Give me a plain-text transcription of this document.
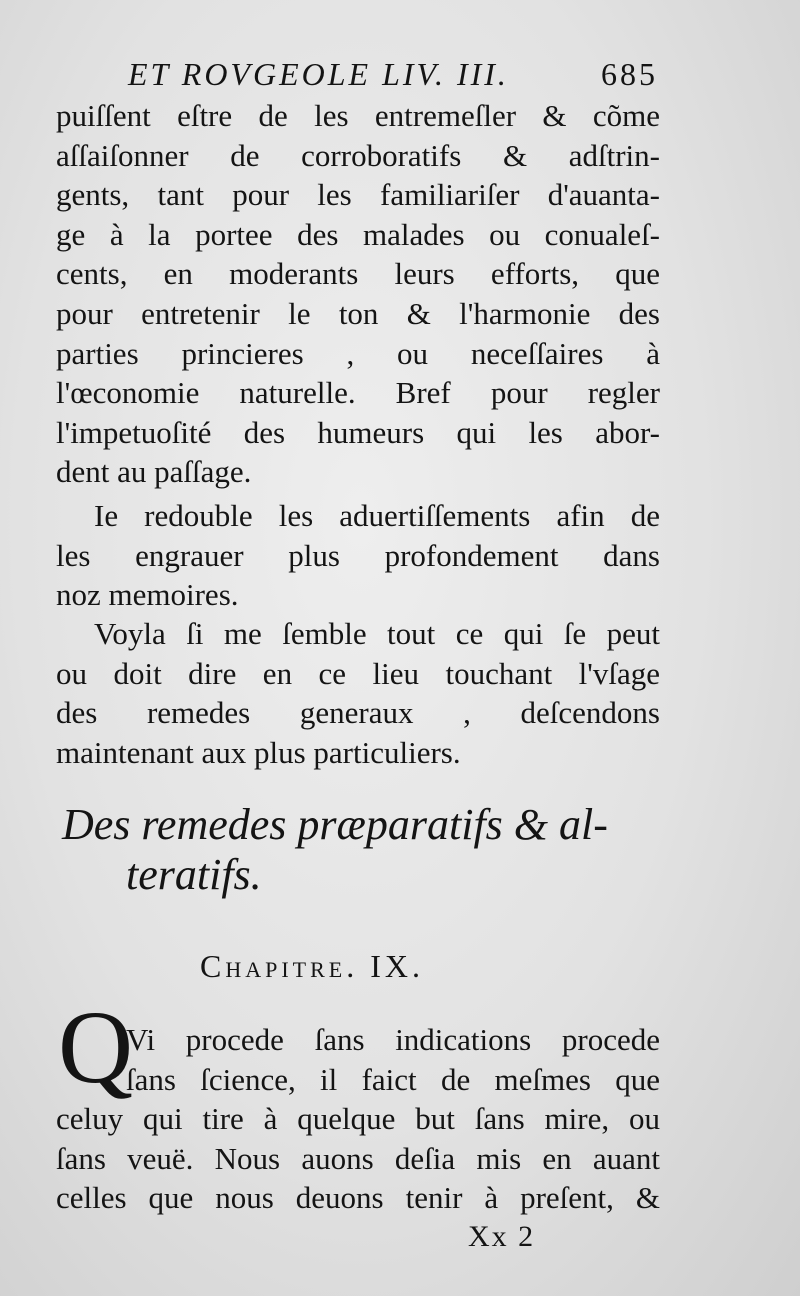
ET ROVGEOLE LIV. III.	685
puiſſent eſtre de les entremeſler & cõme
aſſaiſonner de corroboratifs & adſtrin-
gents, tant pour les familiariſer d'auanta-
ge à la portee des malades ou conualeſ-
cents, en moderants leurs efforts, que
pour entretenir le ton & l'harmonie des
parties princieres , ou neceſſaires à
l'œconomie naturelle. Bref pour regler
l'impetuoſité des humeurs qui les abor-
dent au paſſage.
Ie redouble les aduertiſſements afin de
les engrauer plus profondement dans
noz memoires.
Voyla ſi me ſemble tout ce qui ſe peut
ou doit dire en ce lieu touchant l'vſage
des remedes generaux , deſcendons
maintenant aux plus particuliers.
Des remedes præparatifs & al-
teratifs.
Chapitre. IX.
Q
Vi procede ſans indications procede
ſans ſcience, il faict de meſmes que
celuy qui tire à quelque but ſans mire, ou
ſans veuë. Nous auons deſia mis en auant
celles que nous deuons tenir à preſent, &
Xx 2
